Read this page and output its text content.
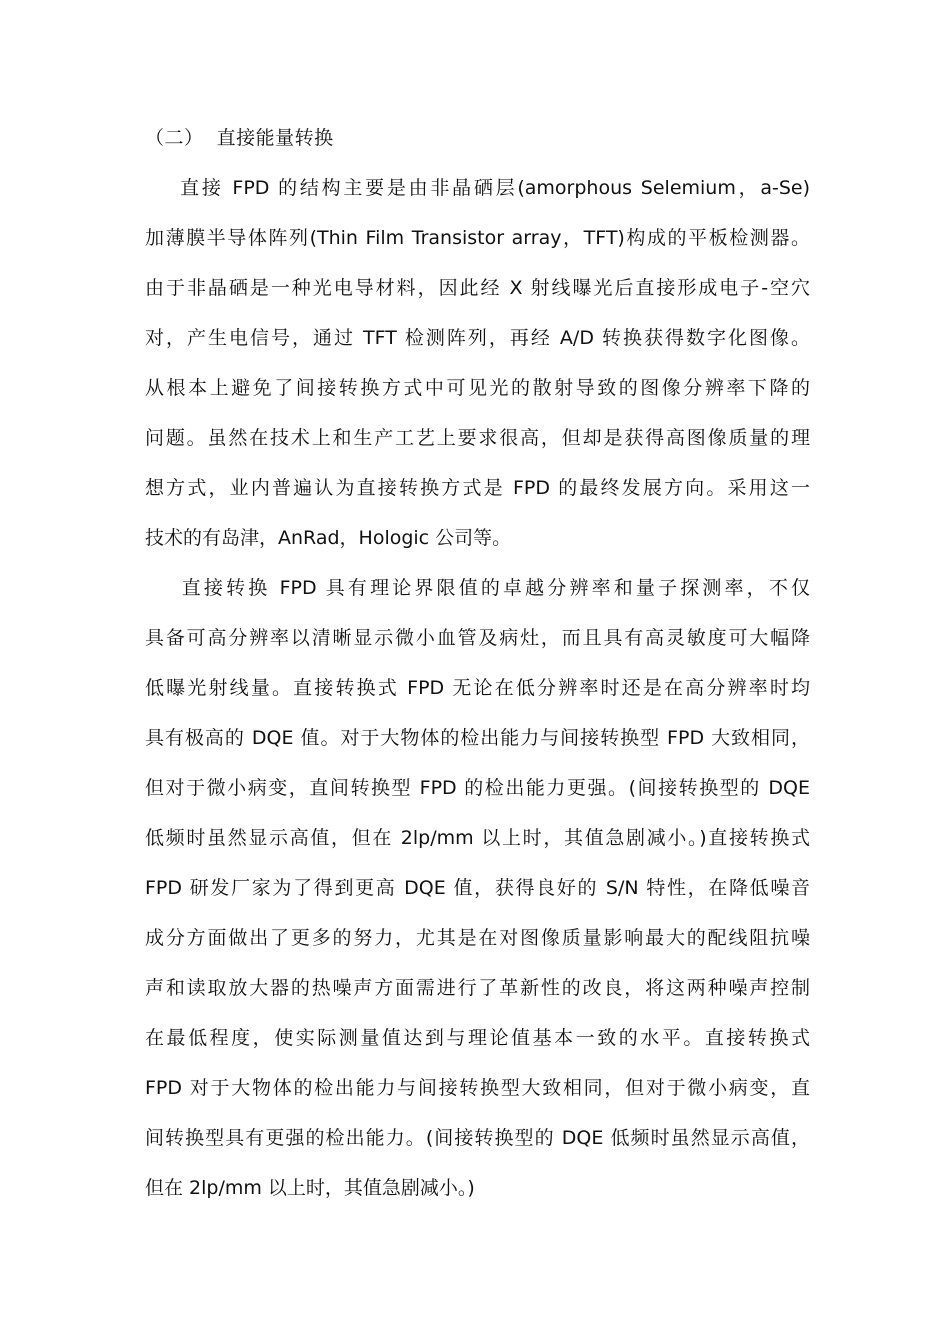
（二）  直接能量转换
直接 FPD 的结构主要是由非晶硒层(amorphous Selemium，a-Se)
加薄膜半导体阵列(Thin Film Transistor array，TFT)构成的平板检测器。
由于非晶硒是一种光电导材料，因此经 X 射线曝光后直接形成电子-空穴
对，产生电信号，通过 TFT 检测阵列，再经 A/D 转换获得数字化图像。
从根本上避免了间接转换方式中可见光的散射导致的图像分辨率下降的
问题。虽然在技术上和生产工艺上要求很高，但却是获得高图像质量的理
想方式，业内普遍认为直接转换方式是 FPD 的最终发展方向。采用这一
技术的有岛津，AnRad，Hologic 公司等。
直接转换 FPD 具有理论界限值的卓越分辨率和量子探测率，不仅
具备可高分辨率以清晰显示微小血管及病灶，而且具有高灵敏度可大幅降
低曝光射线量。直接转换式 FPD 无论在低分辨率时还是在高分辨率时均
具有极高的 DQE 值。对于大物体的检出能力与间接转换型 FPD 大致相同，
但对于微小病变，直间转换型 FPD 的检出能力更强。(间接转换型的 DQE
低频时虽然显示高值，但在 2lp/mm 以上时，其值急剧减小。)直接转换式
FPD 研发厂家为了得到更高 DQE 值，获得良好的 S/N 特性，在降低噪音
成分方面做出了更多的努力，尤其是在对图像质量影响最大的配线阻抗噪
声和读取放大器的热噪声方面需进行了革新性的改良，将这两种噪声控制
在最低程度，使实际测量值达到与理论值基本一致的水平。直接转换式
FPD 对于大物体的检出能力与间接转换型大致相同，但对于微小病变，直
间转换型具有更强的检出能力。(间接转换型的 DQE 低频时虽然显示高值，
但在 2lp/mm 以上时，其值急剧减小。)
